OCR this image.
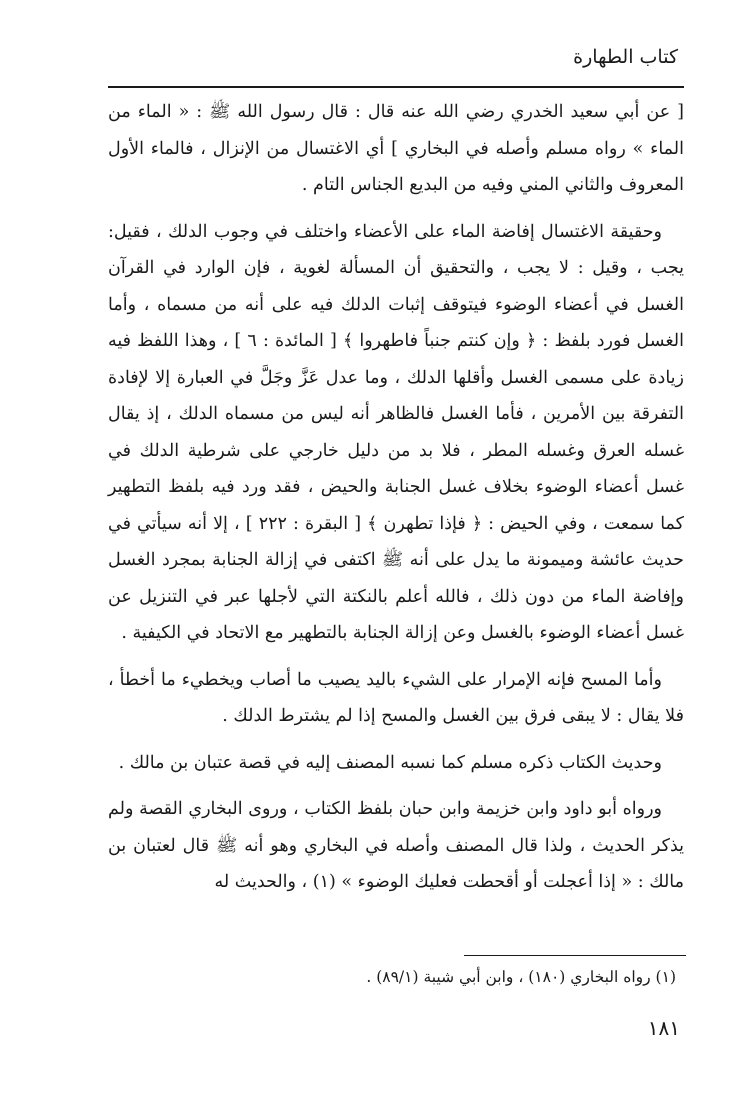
كتاب الطهارة

[ عن أبي سعيد الخدري رضي الله عنه قال : قال رسول الله ﷺ : « الماء من الماء » رواه مسلم وأصله في البخاري ] أي الاغتسال من الإنزال ، فالماء الأول المعروف والثاني المني وفيه من البديع الجناس التام .

وحقيقة الاغتسال إفاضة الماء على الأعضاء واختلف في وجوب الدلك ، فقيل: يجب ، وقيل : لا يجب ، والتحقيق أن المسألة لغوية ، فإن الوارد في القرآن الغسل في أعضاء الوضوء فيتوقف إثبات الدلك فيه على أنه من مسماه ، وأما الغسل فورد بلفظ : ﴿ وإن كنتم جنباً فاطهروا ﴾ [ المائدة : ٦ ] ، وهذا اللفظ فيه زيادة على مسمى الغسل وأقلها الدلك ، وما عدل عَزَّ وجَلَّ في العبارة إلا لإفادة التفرقة بين الأمرين ، فأما الغسل فالظاهر أنه ليس من مسماه الدلك ، إذ يقال غسله العرق وغسله المطر ، فلا بد من دليل خارجي على شرطية الدلك في غسل أعضاء الوضوء بخلاف غسل الجنابة والحيض ، فقد ورد فيه بلفظ التطهير كما سمعت ، وفي الحيض : ﴿ فإذا تطهرن ﴾ [ البقرة : ٢٢٢ ] ، إلا أنه سيأتي في حديث عائشة وميمونة ما يدل على أنه ﷺ اكتفى في إزالة الجنابة بمجرد الغسل وإفاضة الماء من دون ذلك ، فالله أعلم بالنكتة التي لأجلها عبر في التنزيل عن غسل أعضاء الوضوء بالغسل وعن إزالة الجنابة بالتطهير مع الاتحاد في الكيفية .

وأما المسح فإنه الإمرار على الشيء باليد يصيب ما أصاب ويخطيء ما أخطأ ، فلا يقال : لا يبقى فرق بين الغسل والمسح إذا لم يشترط الدلك .

وحديث الكتاب ذكره مسلم كما نسبه المصنف إليه في قصة عتبان بن مالك .

ورواه أبو داود وابن خزيمة وابن حبان بلفظ الكتاب ، وروى البخاري القصة ولم يذكر الحديث ، ولذا قال المصنف وأصله في البخاري وهو أنه ﷺ قال لعتبان بن مالك : « إذا أعجلت أو أقحطت فعليك الوضوء » (١) ، والحديث له

(١) رواه البخاري (١٨٠) ، وابن أبي شيبة (٨٩/١) .
١٨١
